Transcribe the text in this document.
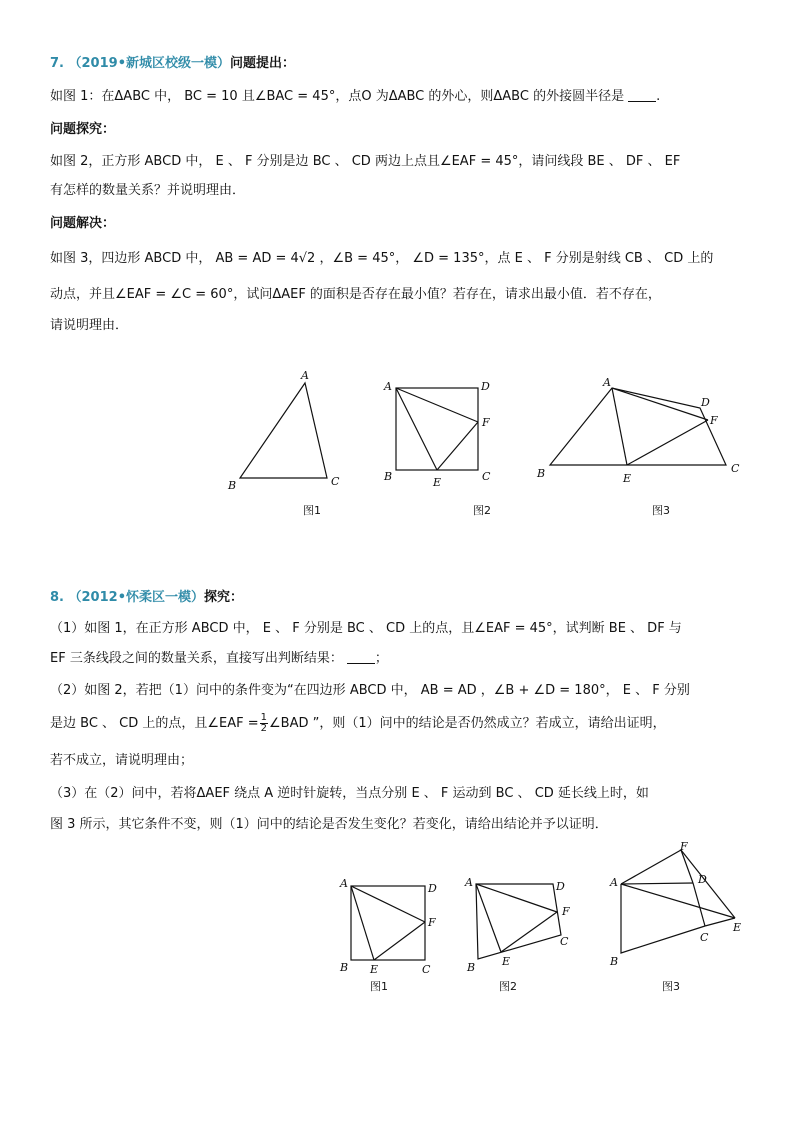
7. （2019•新城区校级一模）问题提出：
如图 1：在ΔABC 中， BC = 10 且∠BAC = 45°，点O 为ΔABC 的外心，则ΔABC 的外接圆半径是 .
问题探究：
如图 2，正方形 ABCD 中， E 、 F 分别是边 BC 、 CD 两边上点且∠EAF = 45°，请问线段 BE 、 DF 、 EF
有怎样的数量关系？并说明理由．
问题解决：
如图 3，四边形 ABCD 中， AB = AD = 4√2 ，∠B = 45°， ∠D = 135°，点 E 、 F 分别是射线 CB 、 CD 上的
动点，并且∠EAF = ∠C = 60°，试问ΔAEF 的面积是否存在最小值？若存在，请求出最小值．若不存在，
请说明理由．
8. （2012•怀柔区一模）探究：
（1）如图 1，在正方形 ABCD 中， E 、 F 分别是 BC 、 CD 上的点，且∠EAF = 45°，试判断 BE 、 DF 与
EF 三条线段之间的数量关系，直接写出判断结果： ；
（2）如图 2，若把（1）问中的条件变为“在四边形 ABCD 中， AB = AD ，∠B + ∠D = 180°， E 、 F 分别
是边 BC 、 CD 上的点，且∠EAF = $\frac{1}{2}$ ∠BAD ”，则（1）问中的结论是否仍然成立？若成立，请给出证明，
若不成立，请说明理由；
（3）在（2）问中，若将ΔAEF 绕点 A 逆时针旋转，当点分别 E 、 F 运动到 BC 、 CD 延长线上时，如
图 3 所示，其它条件不变，则（1）问中的结论是否发生变化？若变化，请给出结论并予以证明．
A
B	C
图1
A	D
F
B	E	C
图2
A
D
F
B	E
C
图3
A	D
F
B E	C
图1
A	D
F
C
B E
图2
A
F
D
E
C
B
图3
